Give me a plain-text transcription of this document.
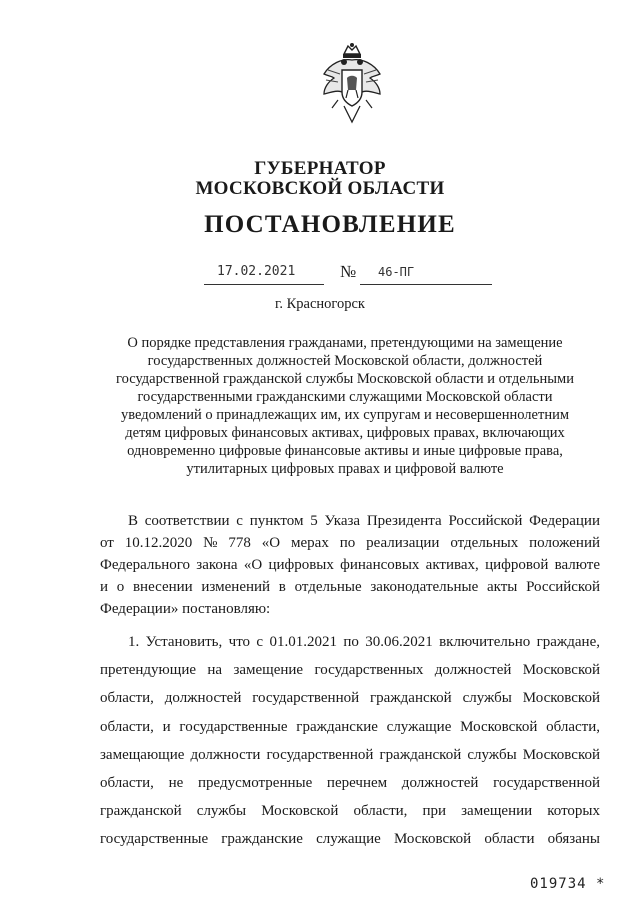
ГУБЕРНАТОР
МОСКОВСКОЙ ОБЛАСТИ
ПОСТАНОВЛЕНИЕ
17.02.2021	№ 46-ПГ
г. Красногорск
О порядке представления гражданами, претендующими на замещение
государственных должностей Московской области, должностей
государственной гражданской службы Московской области и отдельными
государственными гражданскими служащими Московской области
уведомлений о принадлежащих им, их супругам и несовершеннолетним
детям цифровых финансовых активах, цифровых правах, включающих
одновременно цифровые финансовые активы и иные цифровые права,
утилитарных цифровых правах и цифровой валюте
В соответствии с пунктом 5 Указа Президента Российской Федерации
от 10.12.2020 № 778 «О мерах по реализации отдельных положений
Федерального закона «О цифровых финансовых активах, цифровой валюте
и о внесении изменений в отдельные законодательные акты Российской
Федерации» постановляю:
1. Установить, что с 01.01.2021 по 30.06.2021 включительно граждане,
претендующие на замещение государственных должностей Московской
области, должностей государственной гражданской службы Московской
области, и государственные гражданские служащие Московской области,
замещающие должности государственной гражданской службы Московской
области, не предусмотренные перечнем должностей государственной
гражданской службы Московской области, при замещении которых
государственные гражданские служащие Московской области обязаны
019734 *
